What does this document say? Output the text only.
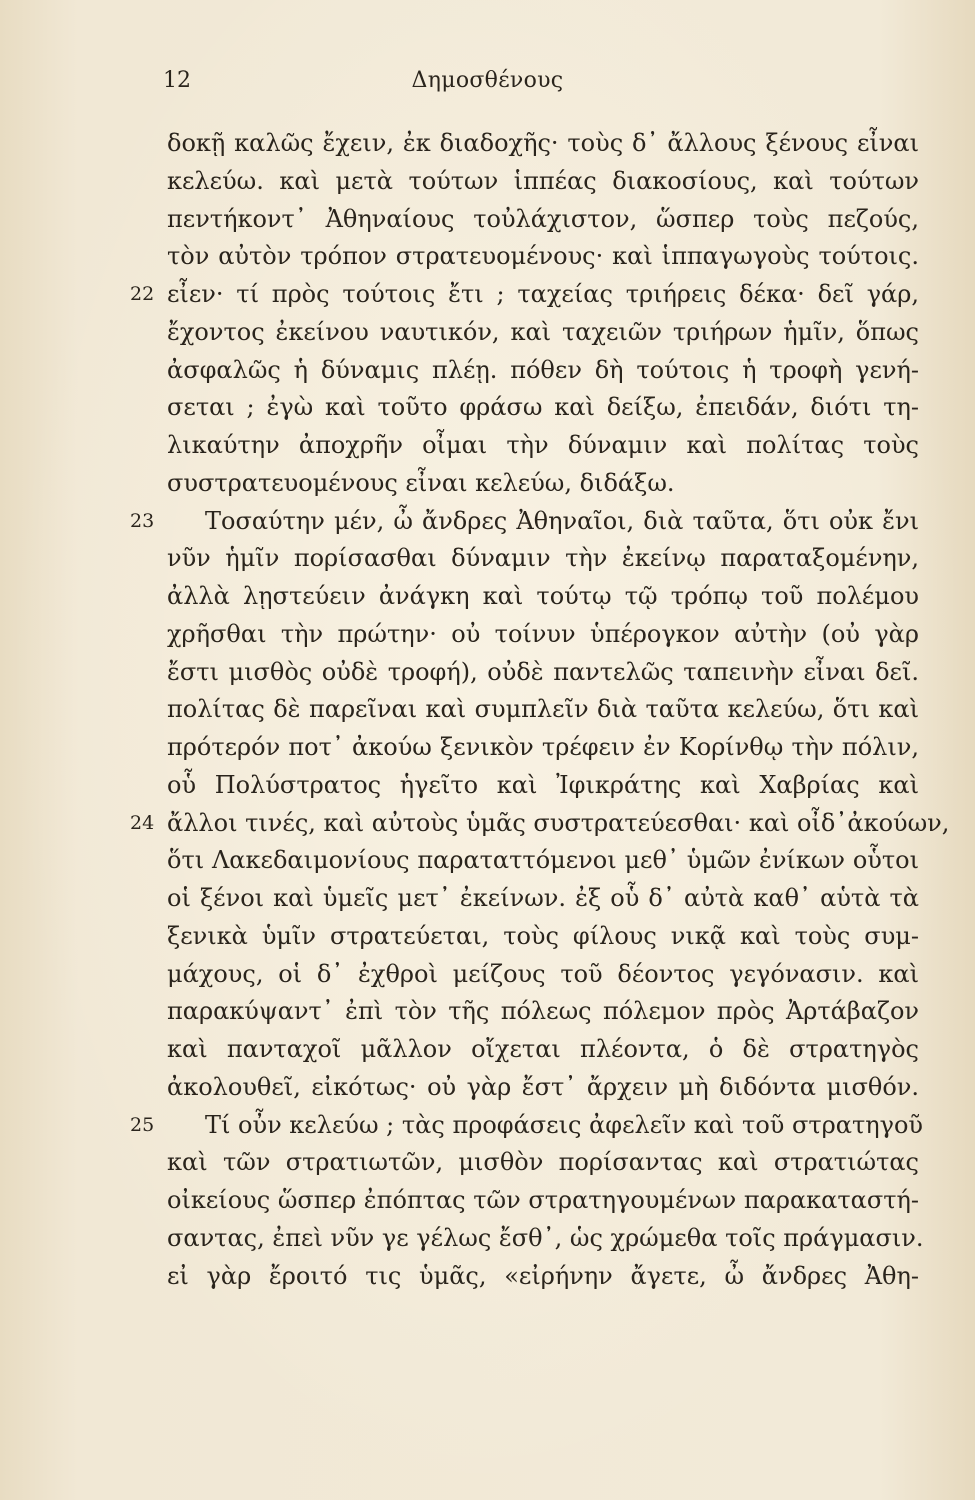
12	Δημοσθένους
δοκῇ καλῶς ἔχειν, ἐκ διαδοχῆς· τοὺς δ᾽ ἄλλους ξένους εἶναι
κελεύω. καὶ μετὰ τούτων ἱππέας διακοσίους, καὶ τούτων
πεντήκοντ᾽ Ἀθηναίους τοὐλάχιστον, ὥσπερ τοὺς πεζούς,
τὸν αὐτὸν τρόπον στρατευομένους· καὶ ἱππαγωγοὺς τούτοις.
22 εἶεν· τί πρὸς τούτοις ἔτι ; ταχείας τριήρεις δέκα· δεῖ γάρ,
ἔχοντος ἐκείνου ναυτικόν, καὶ ταχειῶν τριήρων ἡμῖν, ὅπως
ἀσφαλῶς ἡ δύναμις πλέῃ. πόθεν δὴ τούτοις ἡ τροφὴ γενή-
σεται ; ἐγὼ καὶ τοῦτο φράσω καὶ δείξω, ἐπειδάν, διότι τη-
λικαύτην ἀποχρῆν οἶμαι τὴν δύναμιν καὶ πολίτας τοὺς
συστρατευομένους εἶναι κελεύω, διδάξω.
23 Τοσαύτην μέν, ὦ ἄνδρες Ἀθηναῖοι, διὰ ταῦτα, ὅτι οὐκ ἔνι
νῦν ἡμῖν πορίσασθαι δύναμιν τὴν ἐκείνῳ παραταξομένην,
ἀλλὰ λῃστεύειν ἀνάγκη καὶ τούτῳ τῷ τρόπῳ τοῦ πολέμου
χρῆσθαι τὴν πρώτην· οὐ τοίνυν ὑπέρογκον αὐτὴν (οὐ γὰρ
ἔστι μισθὸς οὐδὲ τροφή), οὐδὲ παντελῶς ταπεινὴν εἶναι δεῖ.
πολίτας δὲ παρεῖναι καὶ συμπλεῖν διὰ ταῦτα κελεύω, ὅτι καὶ
πρότερόν ποτ᾽ ἀκούω ξενικὸν τρέφειν ἐν Κορίνθῳ τὴν πόλιν,
οὗ Πολύστρατος ἡγεῖτο καὶ Ἰφικράτης καὶ Χαβρίας καὶ
24 ἄλλοι τινές, καὶ αὐτοὺς ὑμᾶς συστρατεύεσθαι· καὶ οἶδ᾽ἀκούων,
ὅτι Λακεδαιμονίους παραταττόμενοι μεθ᾽ ὑμῶν ἐνίκων οὗτοι
οἱ ξένοι καὶ ὑμεῖς μετ᾽ ἐκείνων. ἐξ οὗ δ᾽ αὐτὰ καθ᾽ αὑτὰ τὰ
ξενικὰ ὑμῖν στρατεύεται, τοὺς φίλους νικᾷ καὶ τοὺς συμ-
μάχους, οἱ δ᾽ ἐχθροὶ μείζους τοῦ δέοντος γεγόνασιν. καὶ
παρακύψαντ᾽ ἐπὶ τὸν τῆς πόλεως πόλεμον πρὸς Ἀρτάβαζον
καὶ πανταχοῖ μᾶλλον οἴχεται πλέοντα, ὁ δὲ στρατηγὸς
ἀκολουθεῖ, εἰκότως· οὐ γὰρ ἔστ᾽ ἄρχειν μὴ διδόντα μισθόν.
25 Τί οὖν κελεύω ; τὰς προφάσεις ἀφελεῖν καὶ τοῦ στρατηγοῦ
καὶ τῶν στρατιωτῶν, μισθὸν πορίσαντας καὶ στρατιώτας
οἰκείους ὥσπερ ἐπόπτας τῶν στρατηγουμένων παρακαταστή-
σαντας, ἐπεὶ νῦν γε γέλως ἔσθ᾽, ὡς χρώμεθα τοῖς πράγμασιν.
εἰ γὰρ ἔροιτό τις ὑμᾶς, «εἰρήνην ἄγετε, ὦ ἄνδρες Ἀθη-
